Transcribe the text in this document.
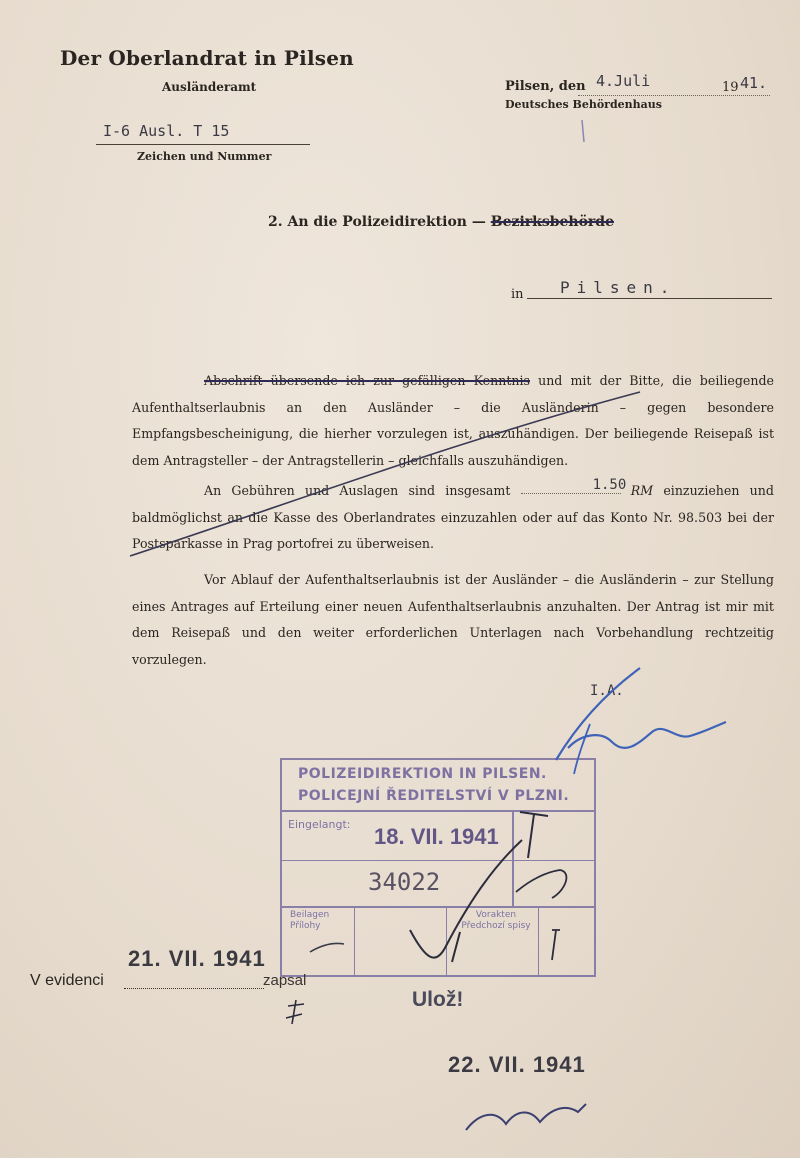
Der Oberlandrat in Pilsen
Ausländeramt	Pilsen, den 4.Juli	19 41.
Deutsches Behördenhaus
I-6 Ausl. T 15
Zeichen und Nummer
2. An die Polizeidirektion — Bezirksbehörde
in Pilsen.
Abschrift übersende ich zur gefälligen Kenntnis und mit der Bitte, die beiliegende Aufenthaltserlaubnis an den Ausländer – die Ausländerin – gegen besondere Empfangsbescheinigung, die hierher vorzulegen ist, auszuhändigen. Der beiliegende Reisepaß ist dem Antragsteller – der Antragstellerin – gleichfalls auszuhändigen.
An Gebühren und Auslagen sind insgesamt	1.50 RM einzuziehen und baldmöglichst an die Kasse des Oberlandrates einzuzahlen oder auf das Konto Nr. 98.503 bei der Postsparkasse in Prag portofrei zu überweisen.
Vor Ablauf der Aufenthaltserlaubnis ist der Ausländer – die Ausländerin – zur Stellung eines Antrages auf Erteilung einer neuen Aufenthaltserlaubnis anzuhalten. Der Antrag ist mir mit dem Reisepaß und den weiter erforderlichen Unterlagen nach Vorbehandlung rechtzeitig vorzulegen.
I.A.
POLIZEIDIREKTION IN PILSEN.
POLICEJNÍ ŘEDITELSTVÍ V PLZNI.
Eingelangt: 18. VII. 1941
34022
Beilagen Přílohy
Vorakten Předchozí spisy
21. VII. 1941
V evidenci	zapsal
Ulož!
22. VII. 1941
